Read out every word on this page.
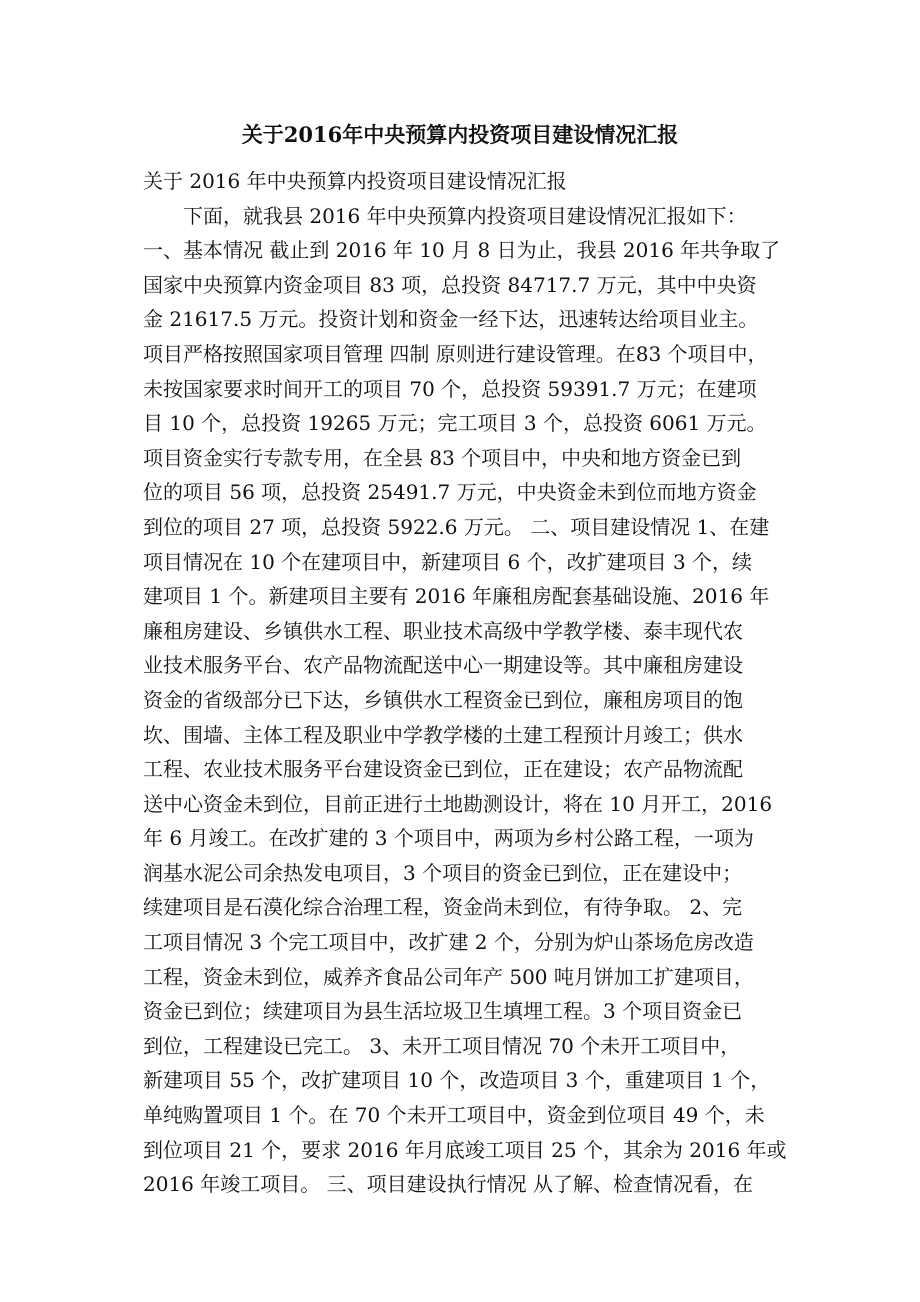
关于2016年中央预算内投资项目建设情况汇报
关于 2016 年中央预算内投资项目建设情况汇报
下面，就我县 2016 年中央预算内投资项目建设情况汇报如下：
一、基本情况 截止到 2016 年 10 月 8 日为止，我县 2016 年共争取了
国家中央预算内资金项目 83 项，总投资 84717.7 万元，其中中央资
金 21617.5 万元。投资计划和资金一经下达，迅速转达给项目业主。
项目严格按照国家项目管理 四制 原则进行建设管理。在83 个项目中，
未按国家要求时间开工的项目 70 个，总投资 59391.7 万元；在建项
目 10 个，总投资 19265 万元；完工项目 3 个，总投资 6061 万元。
项目资金实行专款专用，在全县 83 个项目中，中央和地方资金已到
位的项目 56 项，总投资 25491.7 万元，中央资金未到位而地方资金
到位的项目 27 项，总投资 5922.6 万元。 二、项目建设情况 1、在建
项目情况在 10 个在建项目中，新建项目 6 个，改扩建项目 3 个，续
建项目 1 个。新建项目主要有 2016 年廉租房配套基础设施、2016 年
廉租房建设、乡镇供水工程、职业技术高级中学教学楼、泰丰现代农
业技术服务平台、农产品物流配送中心一期建设等。其中廉租房建设
资金的省级部分已下达，乡镇供水工程资金已到位，廉租房项目的饱
坎、围墙、主体工程及职业中学教学楼的土建工程预计月竣工；供水
工程、农业技术服务平台建设资金已到位，正在建设；农产品物流配
送中心资金未到位，目前正进行土地勘测设计，将在 10 月开工，2016
年 6 月竣工。在改扩建的 3 个项目中，两项为乡村公路工程，一项为
润基水泥公司余热发电项目，3 个项目的资金已到位，正在建设中；
续建项目是石漠化综合治理工程，资金尚未到位，有待争取。 2、完
工项目情况 3 个完工项目中，改扩建 2 个，分别为炉山茶场危房改造
工程，资金未到位，威养齐食品公司年产 500 吨月饼加工扩建项目，
资金已到位；续建项目为县生活垃圾卫生填埋工程。3 个项目资金已
到位，工程建设已完工。 3、未开工项目情况 70 个未开工项目中，
新建项目 55 个，改扩建项目 10 个，改造项目 3 个，重建项目 1 个，
单纯购置项目 1 个。在 70 个未开工项目中，资金到位项目 49 个，未
到位项目 21 个，要求 2016 年月底竣工项目 25 个，其余为 2016 年或
2016 年竣工项目。 三、项目建设执行情况 从了解、检查情况看，在
